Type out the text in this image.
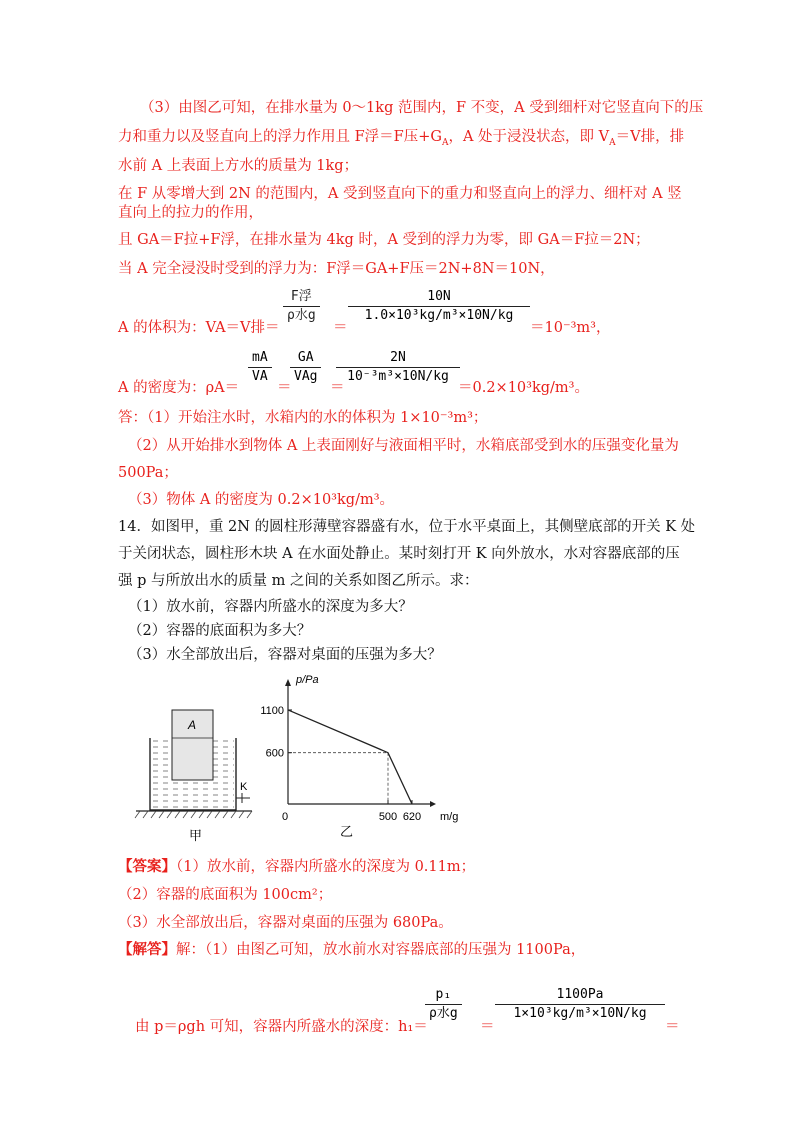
（3）由图乙可知，在排水量为 0～1kg 范围内，F 不变，A 受到细杆对它竖直向下的压
力和重力以及竖直向上的浮力作用且 F浮＝F压$+G_A$，A 处于浸没状态，即 $V_A=V$排，排
水前 A 上表面上方水的质量为 1kg；
在 F 从零增大到 2N 的范围内，A 受到竖直向下的重力和竖直向上的浮力、细杆对 A 竖
直向上的拉力的作用，
且 GA＝F拉+F浮，在排水量为 4kg 时，A 受到的浮力为零，即 GA＝F拉＝2N；
当 A 完全浸没时受到的浮力为：F浮＝GA+F压＝2N+8N＝10N，
A 的体积为：VA＝V排＝
F浮
ρ水g
＝
10N
1.0×10³kg/m³×10N/kg
＝10⁻³m³，
A 的密度为：ρA＝
mA
VA
＝
GA
VAg
＝
2N
10⁻³m³×10N/kg
＝0.2×10³kg/m³。
答：（1）开始注水时，水箱内的水的体积为 1×10⁻³m³；
（2）从开始排水到物体 A 上表面刚好与液面相平时，水箱底部受到水的压强变化量为
500Pa；
（3）物体 A 的密度为 0.2×10³kg/m³。
14．如图甲，重 2N 的圆柱形薄壁容器盛有水，位于水平桌面上，其侧壁底部的开关 K 处
于关闭状态，圆柱形木块 A 在水面处静止。某时刻打开 K 向外放水，水对容器底部的压
强 p 与所放出水的质量 m 之间的关系如图乙所示。求：
（1）放水前，容器内所盛水的深度为多大？
（2）容器的底面积为多大？
（3）水全部放出后，容器对桌面的压强为多大？
A
K
甲
p/Pa
m/g
0
乙
1100
600
500 620
【答案】（1）放水前，容器内所盛水的深度为 0.11m；
（2）容器的底面积为 100cm²；
（3）水全部放出后，容器对桌面的压强为 680Pa。
【解答】解：（1）由图乙可知，放水前水对容器底部的压强为 1100Pa，
由 p＝ρgh 可知，容器内所盛水的深度：h₁＝
p₁
ρ水g
＝
1100Pa
1×10³kg/m³×10N/kg
＝
